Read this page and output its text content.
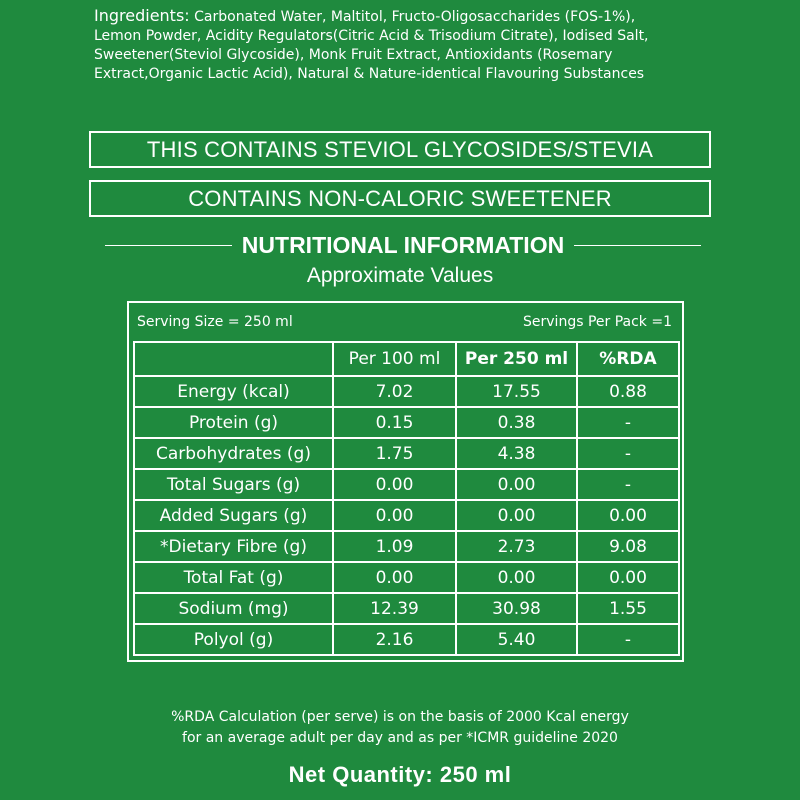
Ingredients: Carbonated Water, Maltitol, Fructo-Oligosaccharides (FOS-1%), Lemon Powder, Acidity Regulators(Citric Acid & Trisodium Citrate), Iodised Salt, Sweetener(Steviol Glycoside), Monk Fruit Extract, Antioxidants (Rosemary Extract,Organic Lactic Acid), Natural & Nature-identical Flavouring Substances
THIS CONTAINS STEVIOL GLYCOSIDES/STEVIA
CONTAINS NON-CALORIC SWEETENER
NUTRITIONAL INFORMATION
Approximate Values
Serving Size = 250 ml	Servings Per Pack =1
	Per 100 ml	Per 250 ml	%RDA
Energy (kcal)	7.02	17.55	0.88
Protein (g)	0.15	0.38	-
Carbohydrates (g)	1.75	4.38	-
Total Sugars (g)	0.00	0.00	-
Added Sugars (g)	0.00	0.00	0.00
*Dietary Fibre (g)	1.09	2.73	9.08
Total Fat (g)	0.00	0.00	0.00
Sodium (mg)	12.39	30.98	1.55
Polyol (g)	2.16	5.40	-
%RDA Calculation (per serve) is on the basis of 2000 Kcal energy
for an average adult per day and as per *ICMR guideline 2020
Net Quantity: 250 ml
